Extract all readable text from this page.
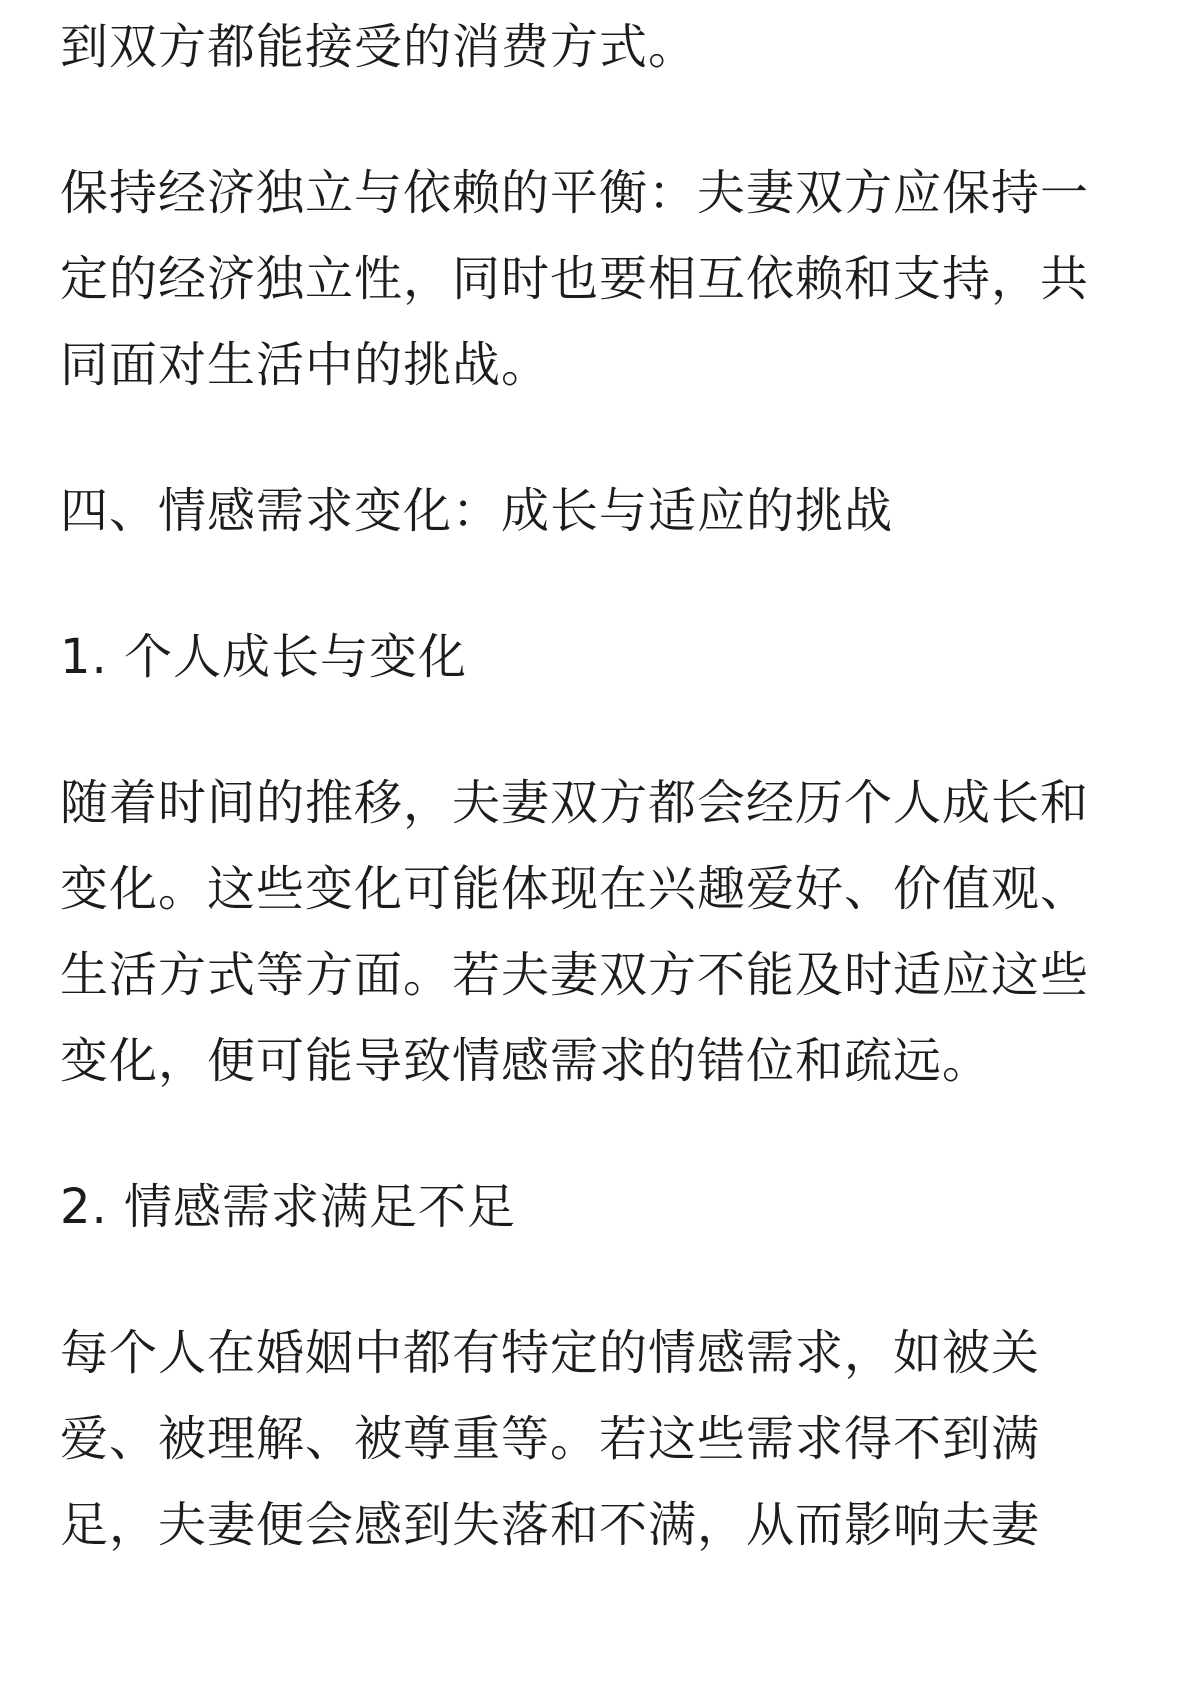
到双方都能接受的消费方式。

保持经济独立与依赖的平衡：夫妻双方应保持一定的经济独立性，同时也要相互依赖和支持，共同面对生活中的挑战。

四、情感需求变化：成长与适应的挑战

1. 个人成长与变化

随着时间的推移，夫妻双方都会经历个人成长和变化。这些变化可能体现在兴趣爱好、价值观、生活方式等方面。若夫妻双方不能及时适应这些变化，便可能导致情感需求的错位和疏远。

2. 情感需求满足不足

每个人在婚姻中都有特定的情感需求，如被关爱、被理解、被尊重等。若这些需求得不到满足，夫妻便会感到失落和不满，从而影响夫妻
